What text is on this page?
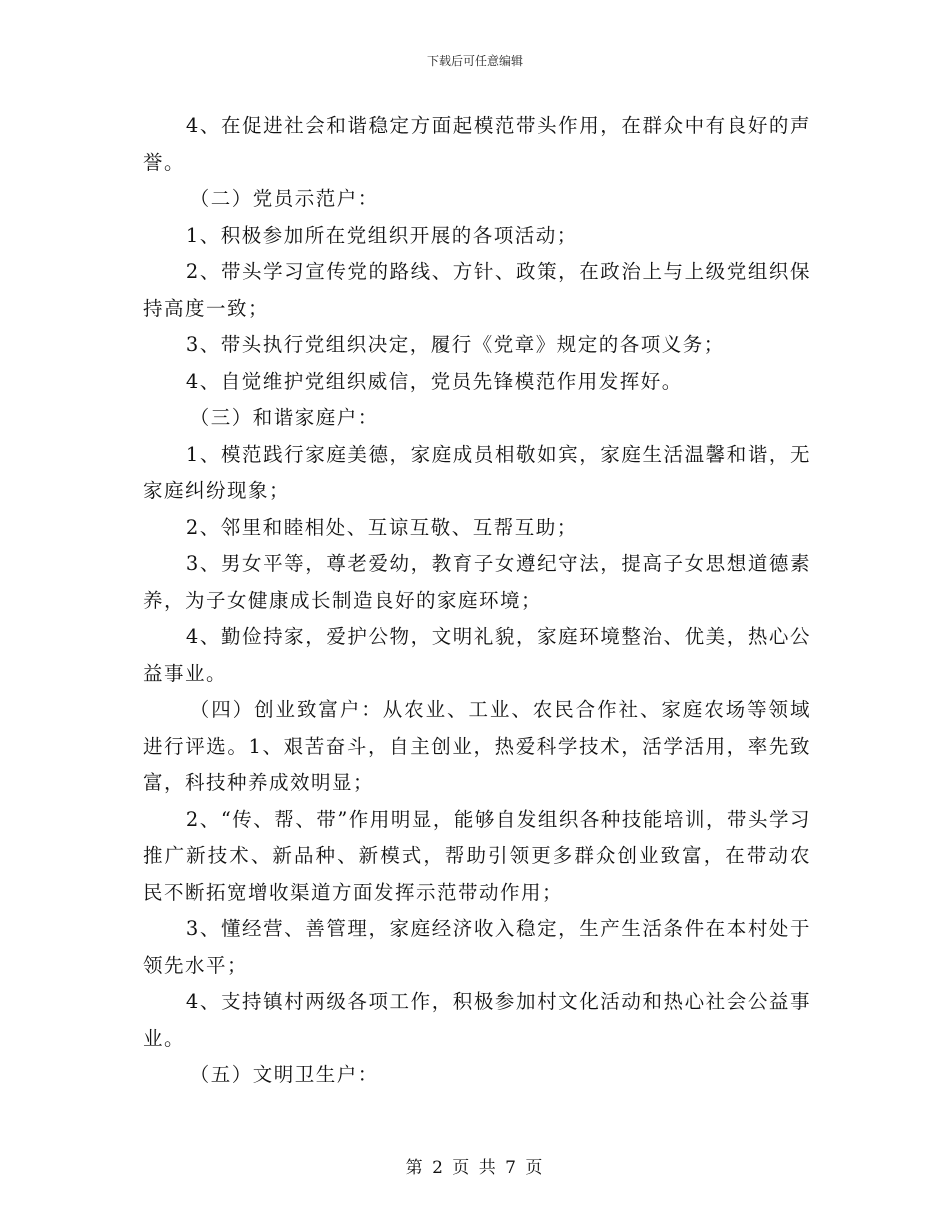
下载后可任意编辑

4、在促进社会和谐稳定方面起模范带头作用，在群众中有良好的声誉。

（二）党员示范户：

1、积极参加所在党组织开展的各项活动；

2、带头学习宣传党的路线、方针、政策，在政治上与上级党组织保持高度一致；

3、带头执行党组织决定，履行《党章》规定的各项义务；

4、自觉维护党组织威信，党员先锋模范作用发挥好。

（三）和谐家庭户：

1、模范践行家庭美德，家庭成员相敬如宾，家庭生活温馨和谐，无家庭纠纷现象；

2、邻里和睦相处、互谅互敬、互帮互助；

3、男女平等，尊老爱幼，教育子女遵纪守法，提高子女思想道德素养，为子女健康成长制造良好的家庭环境；

4、勤俭持家，爱护公物，文明礼貌，家庭环境整治、优美，热心公益事业。

（四）创业致富户：从农业、工业、农民合作社、家庭农场等领域进行评选。1、艰苦奋斗，自主创业，热爱科学技术，活学活用，率先致富，科技种养成效明显；

2、“传、帮、带”作用明显，能够自发组织各种技能培训，带头学习推广新技术、新品种、新模式，帮助引领更多群众创业致富，在带动农民不断拓宽增收渠道方面发挥示范带动作用；

3、懂经营、善管理，家庭经济收入稳定，生产生活条件在本村处于领先水平；

4、支持镇村两级各项工作，积极参加村文化活动和热心社会公益事业。

（五）文明卫生户：

第 2 页 共 7 页
